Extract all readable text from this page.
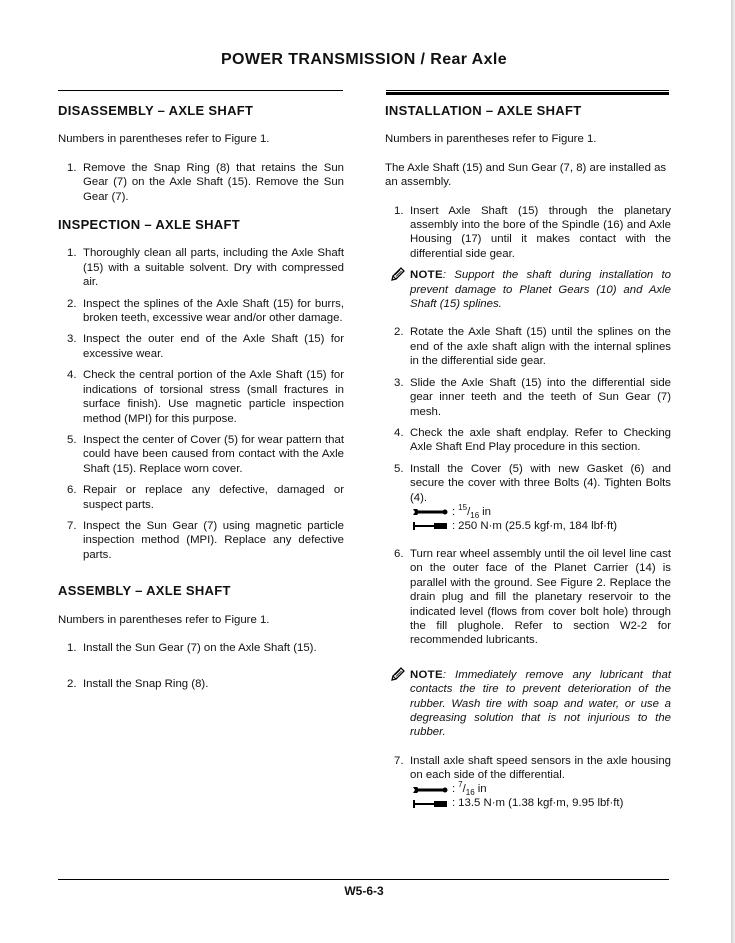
POWER TRANSMISSION / Rear Axle
DISASSEMBLY – AXLE SHAFT

Numbers in parentheses refer to Figure 1.

1. Remove the Snap Ring (8) that retains the Sun Gear (7) on the Axle Shaft (15). Remove the Sun Gear (7).
INSPECTION – AXLE SHAFT
1. Thoroughly clean all parts, including the Axle Shaft (15) with a suitable solvent. Dry with compressed air.
2. Inspect the splines of the Axle Shaft (15) for burrs, broken teeth, excessive wear and/or other damage.
3. Inspect the outer end of the Axle Shaft (15) for excessive wear.
4. Check the central portion of the Axle Shaft (15) for indications of torsional stress (small fractures in surface finish). Use magnetic particle inspection method (MPI) for this purpose.
5. Inspect the center of Cover (5) for wear pattern that could have been caused from contact with the Axle Shaft (15). Replace worn cover.
6. Repair or replace any defective, damaged or suspect parts.
7. Inspect the Sun Gear (7) using magnetic particle inspection method (MPI). Replace any defective parts.
ASSEMBLY – AXLE SHAFT

Numbers in parentheses refer to Figure 1.

1. Install the Sun Gear (7) on the Axle Shaft (15).
2. Install the Snap Ring (8).
INSTALLATION – AXLE SHAFT

Numbers in parentheses refer to Figure 1.

The Axle Shaft (15) and Sun Gear (7, 8) are installed as an assembly.

1. Insert Axle Shaft (15) through the planetary assembly into the bore of the Spindle (16) and Axle Housing (17) until it makes contact with the differential side gear.
NOTE: Support the shaft during installation to prevent damage to Planet Gears (10) and Axle Shaft (15) splines.
2. Rotate the Axle Shaft (15) until the splines on the end of the axle shaft align with the internal splines in the differential side gear.
3. Slide the Axle Shaft (15) into the differential side gear inner teeth and the teeth of Sun Gear (7) mesh.
4. Check the axle shaft endplay. Refer to Checking Axle Shaft End Play procedure in this section.
5. Install the Cover (5) with new Gasket (6) and secure the cover with three Bolts (4). Tighten Bolts (4).
: $^{15}/_{16}$ in
: 250 N·m (25.5 kgf·m, 184 lbf·ft)
6. Turn rear wheel assembly until the oil level line cast on the outer face of the Planet Carrier (14) is parallel with the ground. See Figure 2. Replace the drain plug and fill the planetary reservoir to the indicated level (flows from cover bolt hole) through the fill plughole. Refer to section W2-2 for recommended lubricants.
NOTE: Immediately remove any lubricant that contacts the tire to prevent deterioration of the rubber. Wash tire with soap and water, or use a degreasing solution that is not injurious to the rubber.
7. Install axle shaft speed sensors in the axle housing on each side of the differential.
: $^7/_{16}$ in
: 13.5 N·m (1.38 kgf·m, 9.95 lbf·ft)
W5-6-3
